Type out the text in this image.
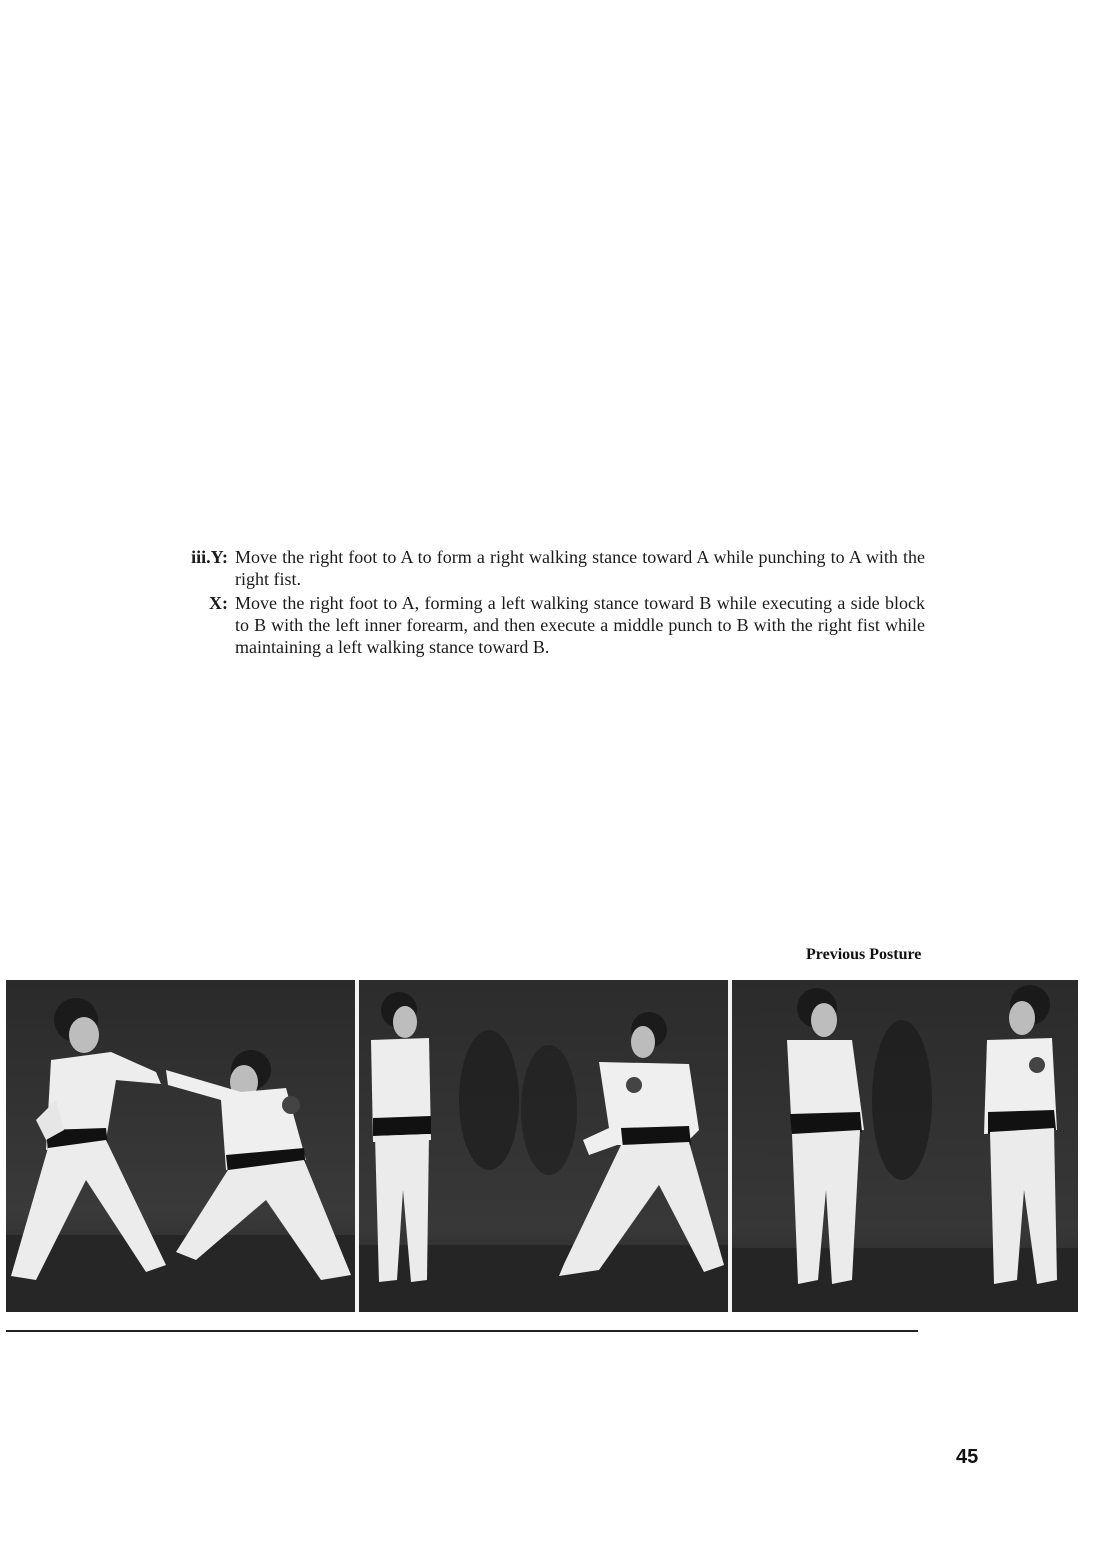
iii.Y: Move the right foot to A to form a right walking stance toward A while punching to A with the right fist.
X: Move the right foot to A, forming a left walking stance toward B while executing a side block to B with the left inner forearm, and then execute a middle punch to B with the right fist while maintaining a left walking stance toward B.
Previous Posture
45
